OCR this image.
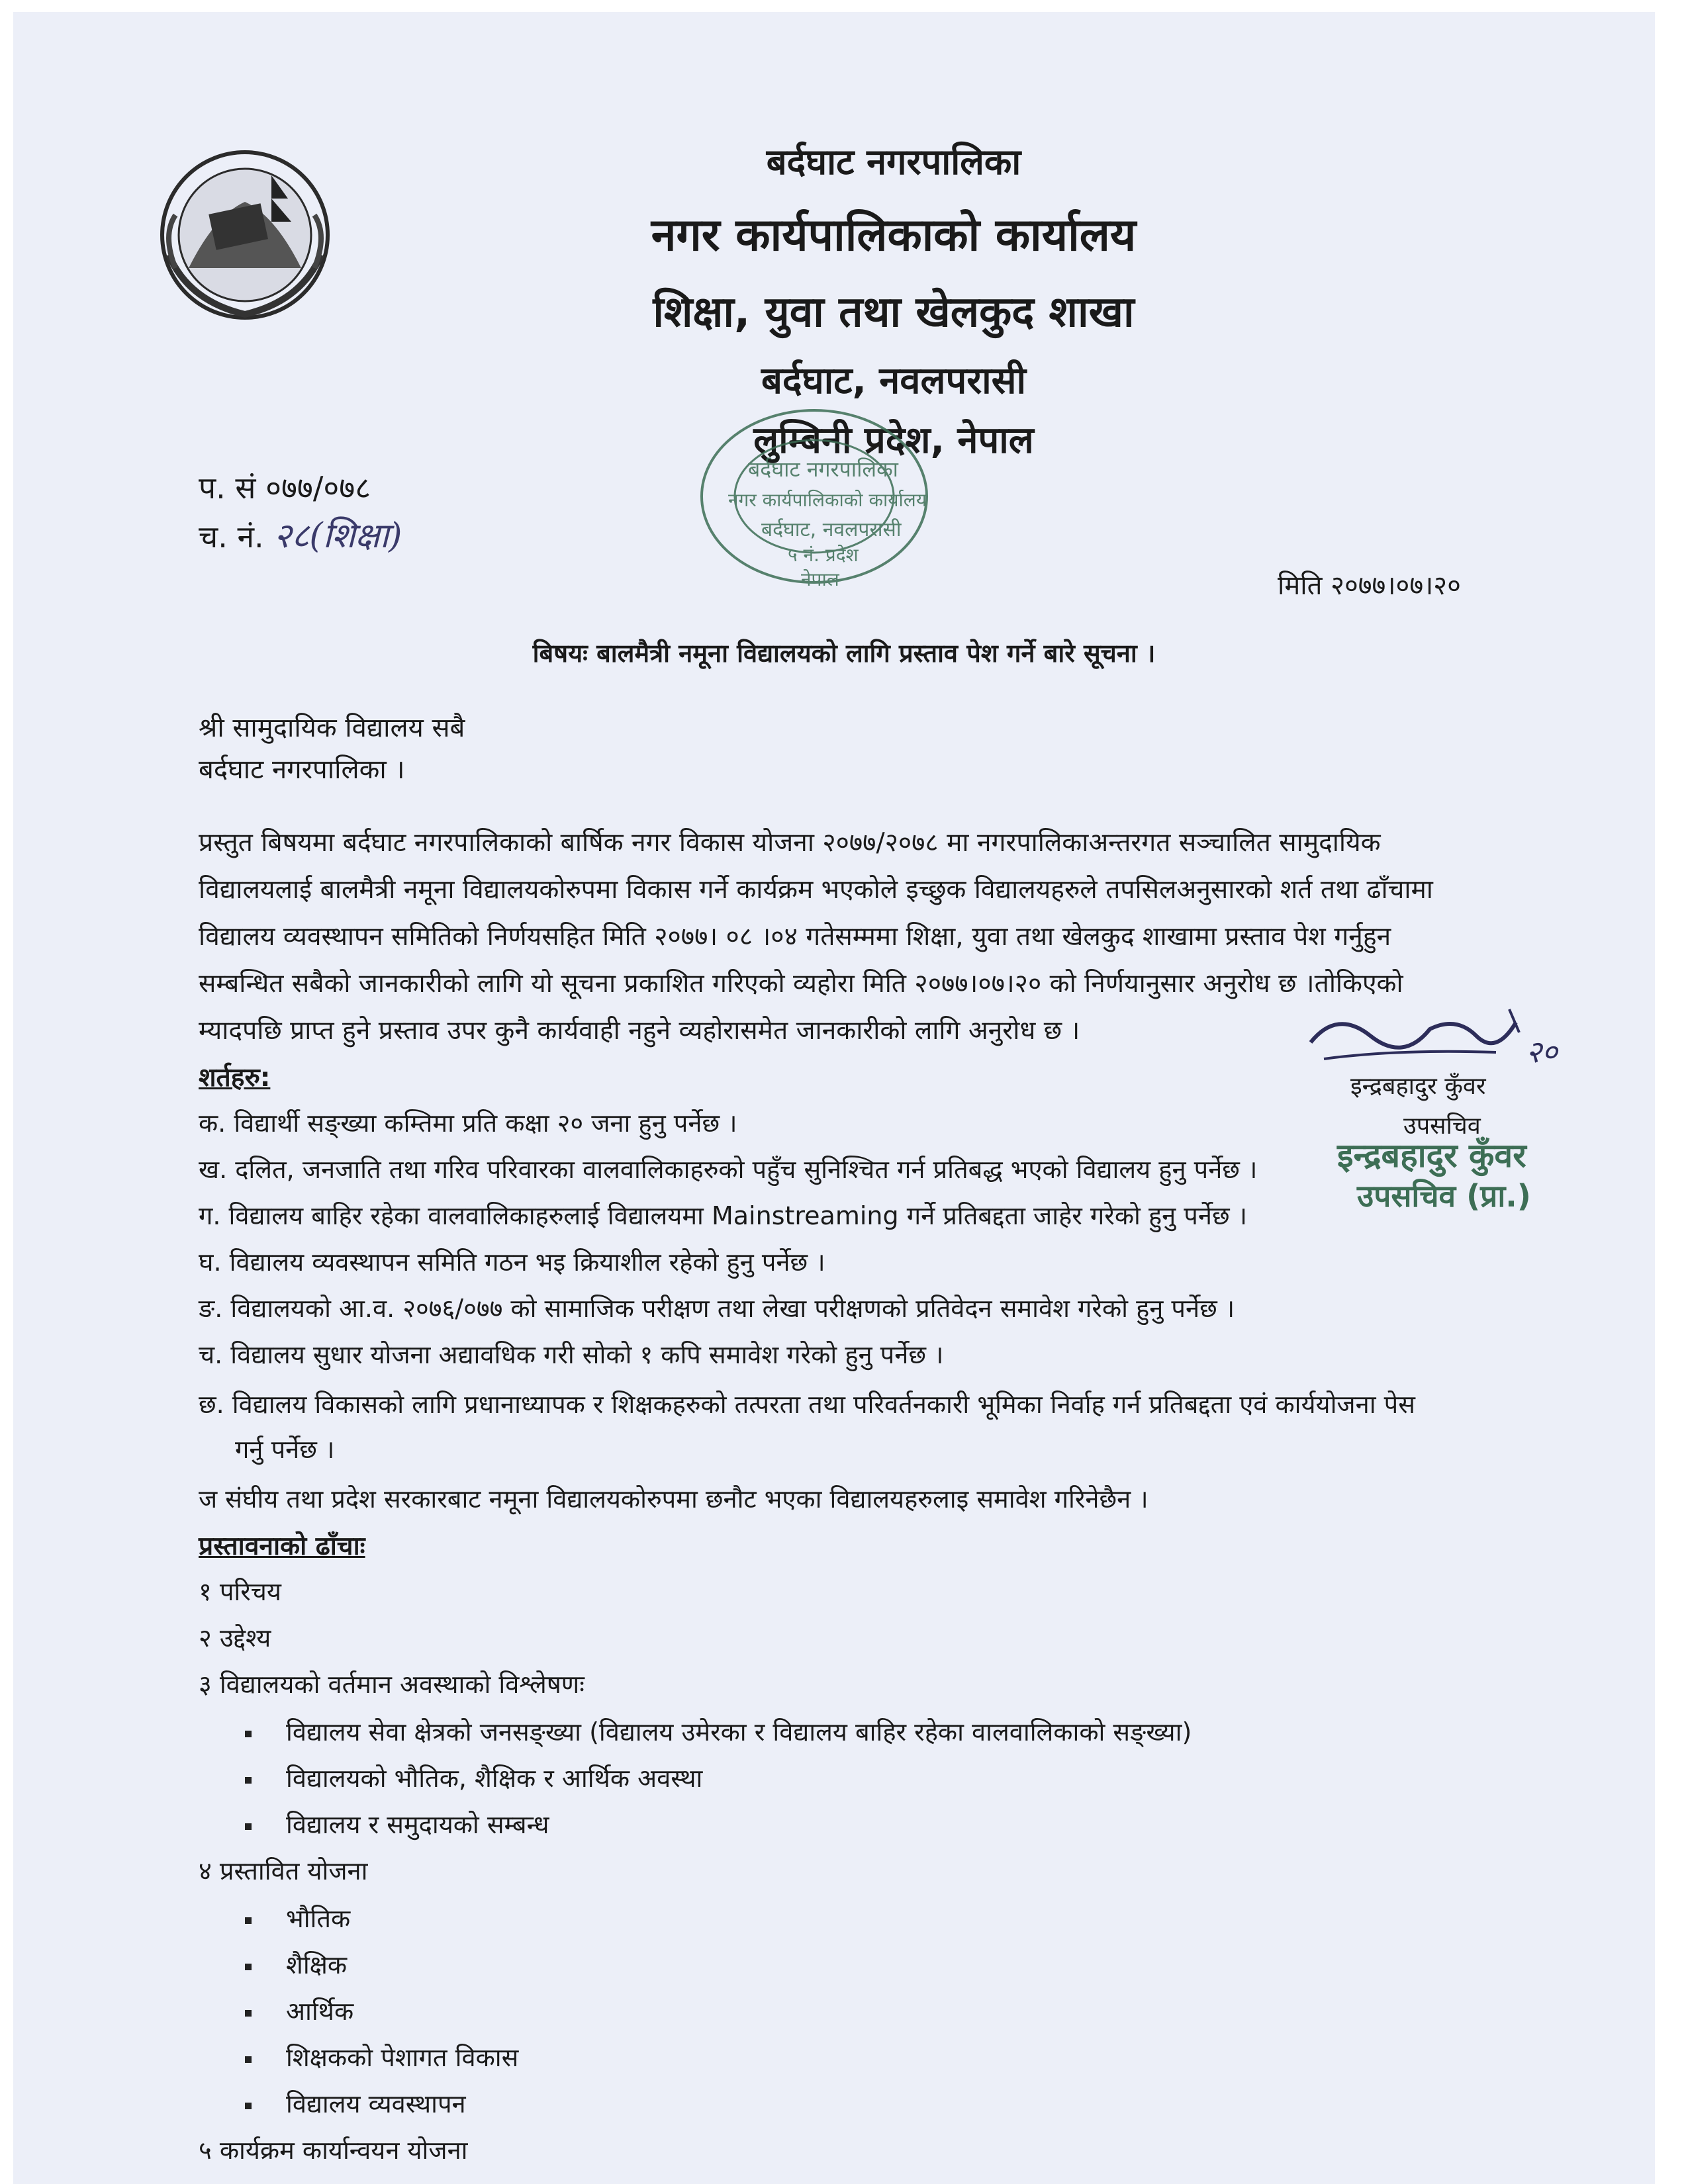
बर्दघाट नगरपालिका
नगर कार्यपालिकाको कार्यालय
शिक्षा, युवा तथा खेलकुद शाखा
बर्दघाट, नवलपरासी
लुम्बिनी प्रदेश, नेपाल
बर्दघाट नगरपालिका
नगर कार्यपालिकाको कार्यालय
बर्दघाट, नवलपरासी
५ नं. प्रदेश
नेपाल
प. सं ०७७/०७८
च. नं. २८(शिक्षा)
मिति २०७७।०७।२०
बिषयः बालमैत्री नमूना विद्यालयको लागि प्रस्ताव पेश गर्ने बारे सूचना ।
श्री सामुदायिक विद्यालय सबै
बर्दघाट नगरपालिका ।
प्रस्तुत बिषयमा बर्दघाट नगरपालिकाको बार्षिक नगर विकास योजना २०७७/२०७८ मा नगरपालिकाअन्तरगत सञ्चालित सामुदायिक
विद्यालयलाई बालमैत्री नमूना विद्यालयकोरुपमा विकास गर्ने कार्यक्रम भएकोले इच्छुक विद्यालयहरुले तपसिलअनुसारको शर्त तथा ढाँचामा
विद्यालय व्यवस्थापन समितिको निर्णयसहित मिति २०७७। ०८ ।०४ गतेसम्ममा शिक्षा, युवा तथा खेलकुद शाखामा प्रस्ताव पेश गर्नुहुन
सम्बन्धित सबैको जानकारीको लागि यो सूचना प्रकाशित गरिएको व्यहोरा मिति २०७७।०७।२० को निर्णयानुसार अनुरोध छ ।तोकिएको
म्यादपछि प्राप्त हुने प्रस्ताव उपर कुनै कार्यवाही नहुने व्यहोरासमेत जानकारीको लागि अनुरोध छ ।
शर्तहरु:
क. विद्यार्थी सङ्ख्या कम्तिमा प्रति कक्षा २० जना हुनु पर्नेछ ।
ख. दलित, जनजाति तथा गरिव परिवारका वालवालिकाहरुको पहुँच सुनिश्चित गर्न प्रतिबद्ध भएको विद्यालय हुनु पर्नेछ ।
ग. विद्यालय बाहिर रहेका वालवालिकाहरुलाई विद्यालयमा Mainstreaming गर्ने प्रतिबद्दता जाहेर गरेको हुनु पर्नेछ ।
घ. विद्यालय व्यवस्थापन समिति गठन भइ क्रियाशील रहेको हुनु पर्नेछ ।
ङ. विद्यालयको आ.व. २०७६/०७७ को सामाजिक परीक्षण तथा लेखा परीक्षणको प्रतिवेदन समावेश गरेको हुनु पर्नेछ ।
च. विद्यालय सुधार योजना अद्यावधिक गरी सोको १ कपि समावेश गरेको हुनु पर्नेछ ।
छ. विद्यालय विकासको लागि प्रधानाध्यापक र शिक्षकहरुको तत्परता तथा परिवर्तनकारी भूमिका निर्वाह गर्न प्रतिबद्दता एवं कार्ययोजना पेस
गर्नु पर्नेछ ।
ज संघीय तथा प्रदेश सरकारबाट नमूना विद्यालयकोरुपमा छनौट भएका विद्यालयहरुलाइ समावेश गरिनेछैन ।
प्रस्तावनाको ढाँचाः
१ परिचय
२ उद्देश्य
३ विद्यालयको वर्तमान अवस्थाको विश्लेषणः
विद्यालय सेवा क्षेत्रको जनसङ्ख्या (विद्यालय उमेरका र विद्यालय बाहिर रहेका वालवालिकाको सङ्ख्या)
विद्यालयको भौतिक, शैक्षिक र आर्थिक अवस्था
विद्यालय र समुदायको सम्बन्ध
४ प्रस्तावित योजना
भौतिक
शैक्षिक
आर्थिक
शिक्षकको पेशागत विकास
विद्यालय व्यवस्थापन
५ कार्यक्रम कार्यान्वयन योजना
२०
इन्द्रबहादुर कुँवर
उपसचिव
इन्द्रबहादुर कुँवर
उपसचिव (प्रा.)
